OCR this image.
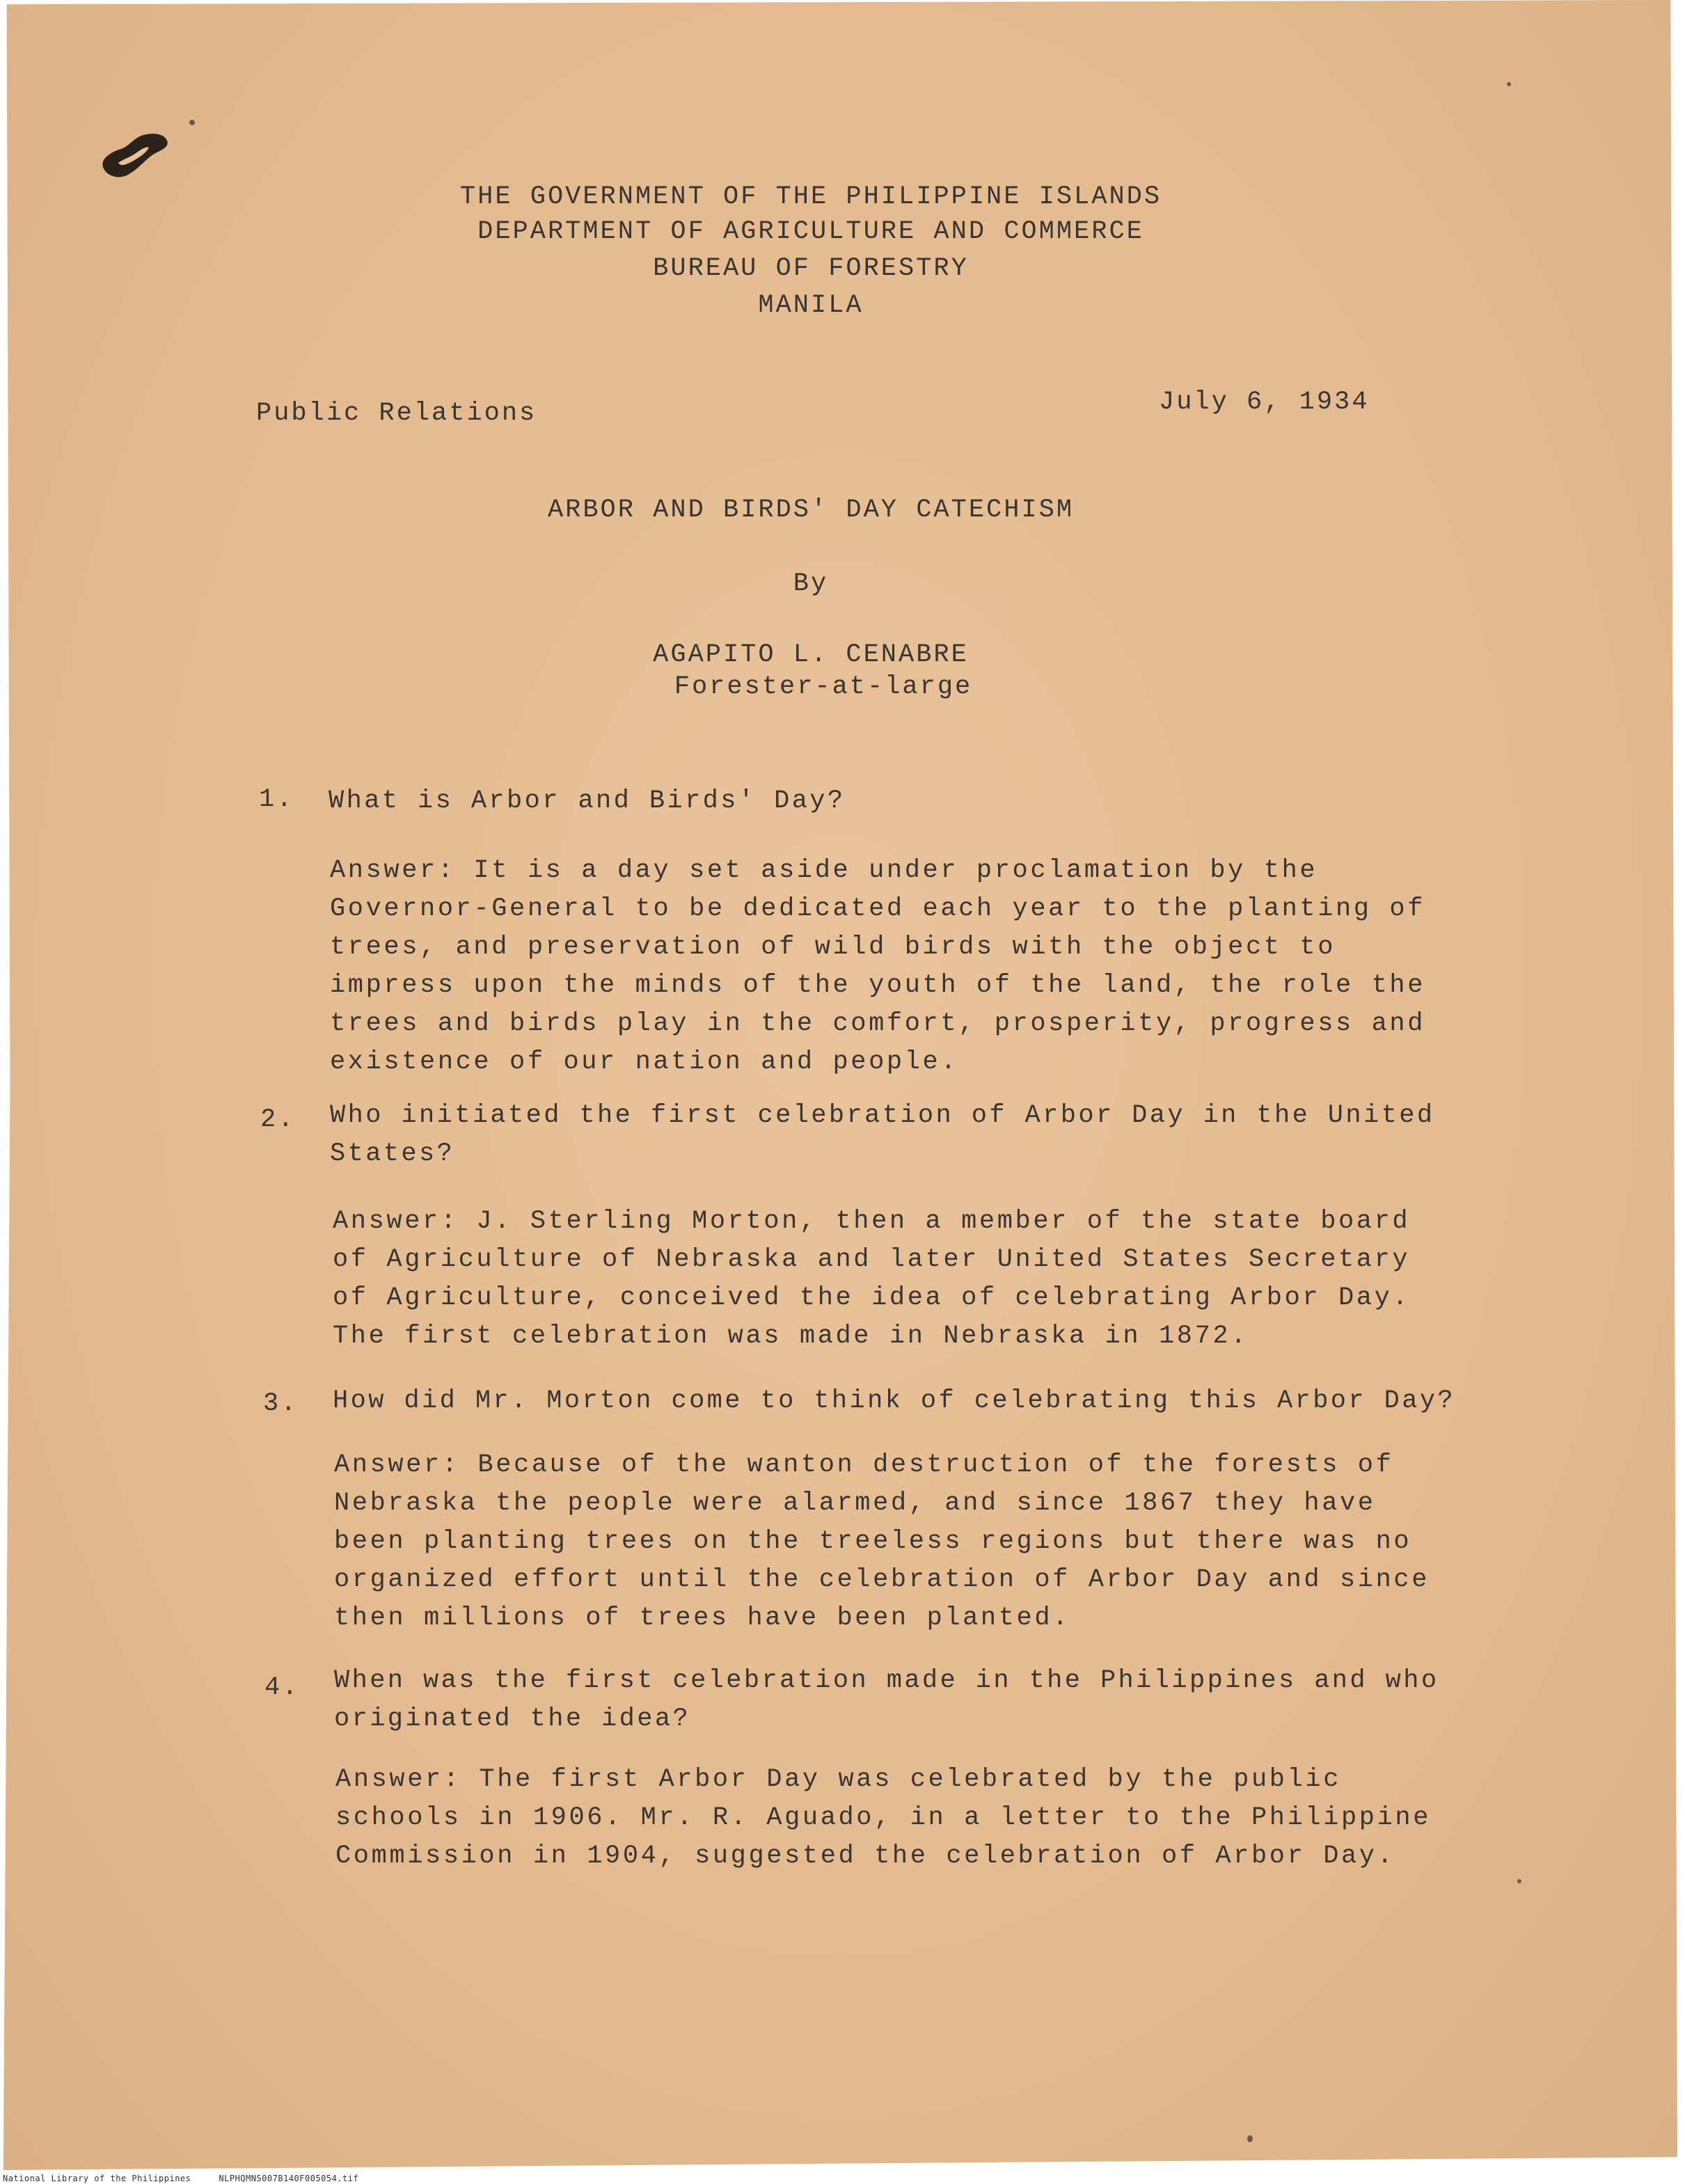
THE GOVERNMENT OF THE PHILIPPINE ISLANDS

DEPARTMENT OF AGRICULTURE AND COMMERCE

BUREAU OF FORESTRY

MANILA

Public Relations	July 6, 1934

ARBOR AND BIRDS' DAY CATECHISM

By

AGAPITO L. CENABRE

Forester-at-large

1. What is Arbor and Birds' Day?

Answer: It is a day set aside under proclamation by the Governor-General to be dedicated each year to the planting of trees, and preservation of wild birds with the object to impress upon the minds of the youth of the land, the role the trees and birds play in the comfort, prosperity, progress and existence of our nation and people.

2. Who initiated the first celebration of Arbor Day in the United States?

Answer: J. Sterling Morton, then a member of the state board of Agriculture of Nebraska and later United States Secretary of Agriculture, conceived the idea of celebrating Arbor Day. The first celebration was made in Nebraska in 1872.

3. How did Mr. Morton come to think of celebrating this Arbor Day?

Answer: Because of the wanton destruction of the forests of Nebraska the people were alarmed, and since 1867 they have been planting trees on the treeless regions but there was no organized effort until the celebration of Arbor Day and since then millions of trees have been planted.

4. When was the first celebration made in the Philippines and who originated the idea?

Answer: The first Arbor Day was celebrated by the public schools in 1906. Mr. R. Aguado, in a letter to the Philippine Commission in 1904, suggested the celebration of Arbor Day.

National Library of the Philippines	NLPHQMNS007B140F005054.tif
